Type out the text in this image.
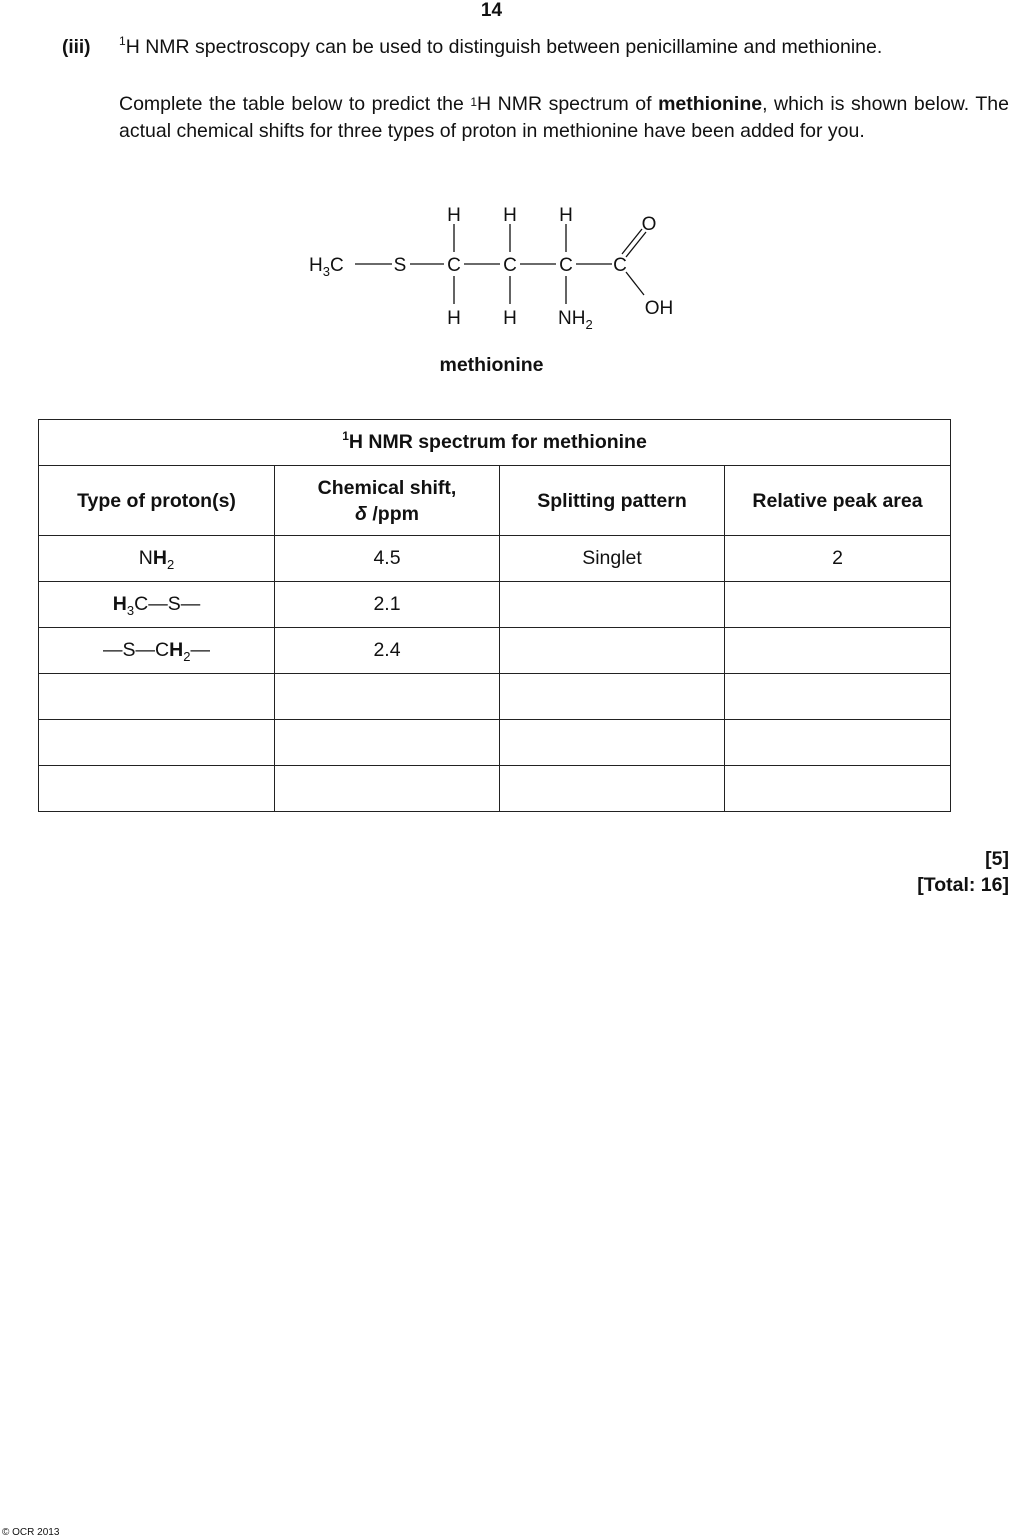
14
(iii) $^1$H NMR spectroscopy can be used to distinguish between penicillamine and methionine.
Complete the table below to predict the $^1$H NMR spectrum of methionine, which is shown below. The actual chemical shifts for three types of proton in methionine have been added for you.
H H H
$H_3C$	S C C C C
O
OH
H H $NH_2$
methionine
$^1$H NMR spectrum for methionine			
Type of proton(s)	Chemical shift,
δ /ppm	Splitting pattern	Relative peak area
$NH_2$	4.5	Singlet	2
$H_3C—S—$	2.1		
$—S—CH_2—$	2.4		

[5]
[Total: 16]
© OCR 2013
